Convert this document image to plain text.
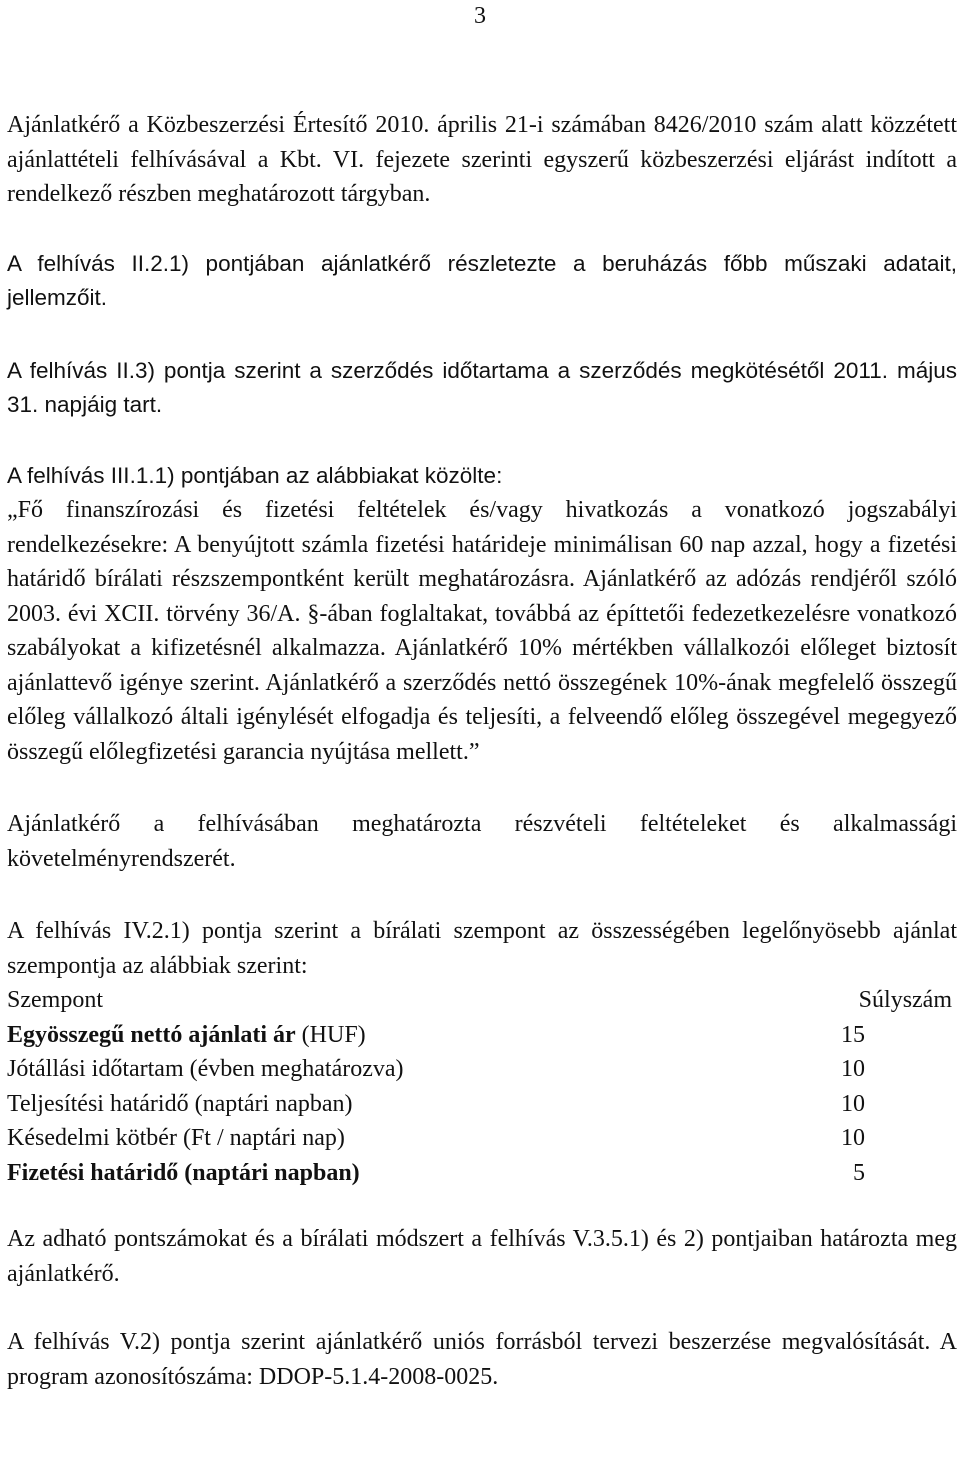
3

Ajánlatkérő a Közbeszerzési Értesítő 2010. április 21-i számában 8426/2010 szám alatt közzétett ajánlattételi felhívásával a Kbt. VI. fejezete szerinti egyszerű közbeszerzési eljárást indított a rendelkező részben meghatározott tárgyban.

A felhívás II.2.1) pontjában ajánlatkérő részletezte a beruházás főbb műszaki adatait, jellemzőit.

A felhívás II.3) pontja szerint a szerződés időtartama a szerződés megkötésétől 2011. május 31. napjáig tart.

A felhívás III.1.1) pontjában az alábbiakat közölte:

„Fő finanszírozási és fizetési feltételek és/vagy hivatkozás a vonatkozó jogszabályi rendelkezésekre: A benyújtott számla fizetési határideje minimálisan 60 nap azzal, hogy a fizetési határidő bírálati részszempontként került meghatározásra. Ajánlatkérő az adózás rendjéről szóló 2003. évi XCII. törvény 36/A. §-ában foglaltakat, továbbá az építtetői fedezetkezelésre vonatkozó szabályokat a kifizetésnél alkalmazza. Ajánlatkérő 10% mértékben vállalkozói előleget biztosít ajánlattevő igénye szerint. Ajánlatkérő a szerződés nettó összegének 10%-ának megfelelő összegű előleg vállalkozó általi igénylését elfogadja és teljesíti, a felveendő előleg összegével megegyező összegű előlegfizetési garancia nyújtása mellett.”

Ajánlatkérő a felhívásában meghatározta részvételi feltételeket és alkalmassági követelményrendszerét.

A felhívás IV.2.1) pontja szerint a bírálati szempont az összességében legelőnyösebb ajánlat szempontja az alábbiak szerint:

Szempont	Súlyszám
Egyösszegű nettó ajánlati ár (HUF)	15
Jótállási időtartam (évben meghatározva)	10
Teljesítési határidő (naptári napban)	10
Késedelmi kötbér (Ft / naptári nap)	10
Fizetési határidő (naptári napban)	5

Az adható pontszámokat és a bírálati módszert a felhívás V.3.5.1) és 2) pontjaiban határozta meg ajánlatkérő.

A felhívás V.2) pontja szerint ajánlatkérő uniós forrásból tervezi beszerzése megvalósítását. A program azonosítószáma: DDOP-5.1.4-2008-0025.
